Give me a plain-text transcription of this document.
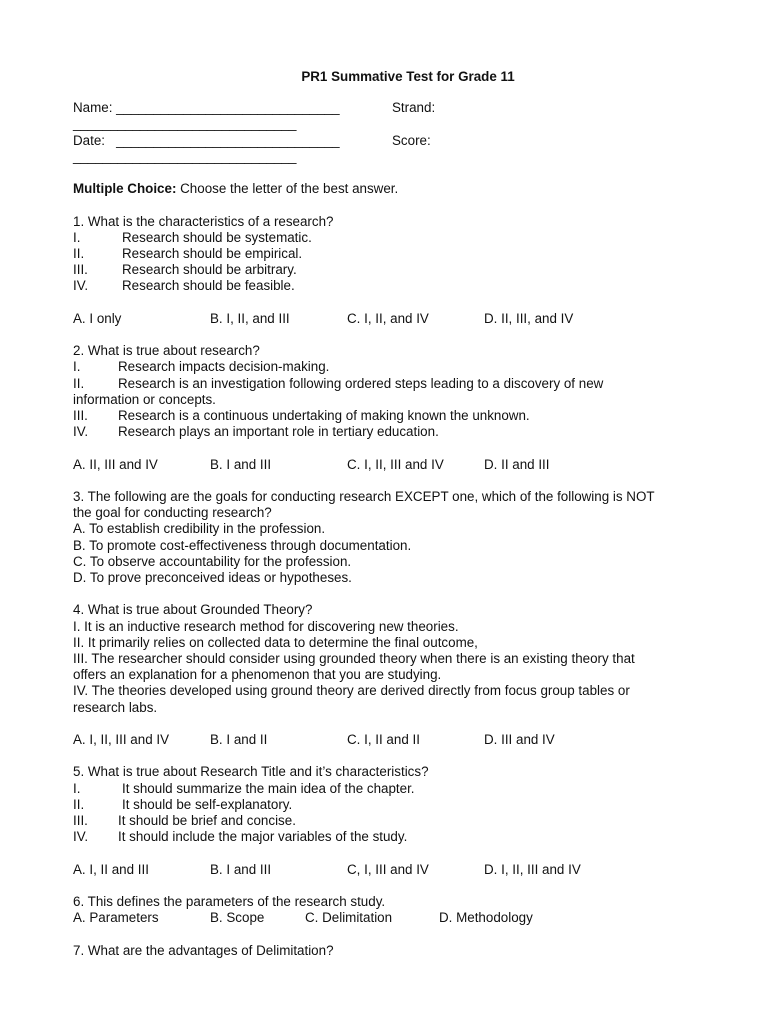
PR1 Summative Test for Grade 11
Name: ______________________________	Strand:
______________________________
Date:   ______________________________	Score:
______________________________
Multiple Choice: Choose the letter of the best answer.
1. What is the characteristics of a research?
I.	Research should be systematic.
II.	Research should be empirical.
III.	Research should be arbitrary.
IV.	Research should be feasible.
A. I only	B. I, II, and III	C. I, II, and IV	D. II, III, and IV
2. What is true about research?
I.	Research impacts decision-making.
II.	Research is an investigation following ordered steps leading to a discovery of new
information or concepts.
III.	Research is a continuous undertaking of making known the unknown.
IV.	Research plays an important role in tertiary education.
A. II, III and IV	B. I and III	C. I, II, III and IV	D. II and III
3. The following are the goals for conducting research EXCEPT one, which of the following is NOT
the goal for conducting research?
A. To establish credibility in the profession.
B. To promote cost-effectiveness through documentation.
C. To observe accountability for the profession.
D. To prove preconceived ideas or hypotheses.
4. What is true about Grounded Theory?
I. It is an inductive research method for discovering new theories.
II. It primarily relies on collected data to determine the final outcome,
III. The researcher should consider using grounded theory when there is an existing theory that
offers an explanation for a phenomenon that you are studying.
IV. The theories developed using ground theory are derived directly from focus group tables or
research labs.
A. I, II, III and IV	B. I and II	C. I, II and II	D. III and IV
5. What is true about Research Title and it’s characteristics?
I.	It should summarize the main idea of the chapter.
II.	It should be self-explanatory.
III.	It should be brief and concise.
IV.	It should include the major variables of the study.
A. I, II and III	B. I and III	C, I, III and IV	D. I, II, III and IV
6. This defines the parameters of the research study.
A. Parameters	B. Scope	C. Delimitation	D. Methodology
7. What are the advantages of Delimitation?
